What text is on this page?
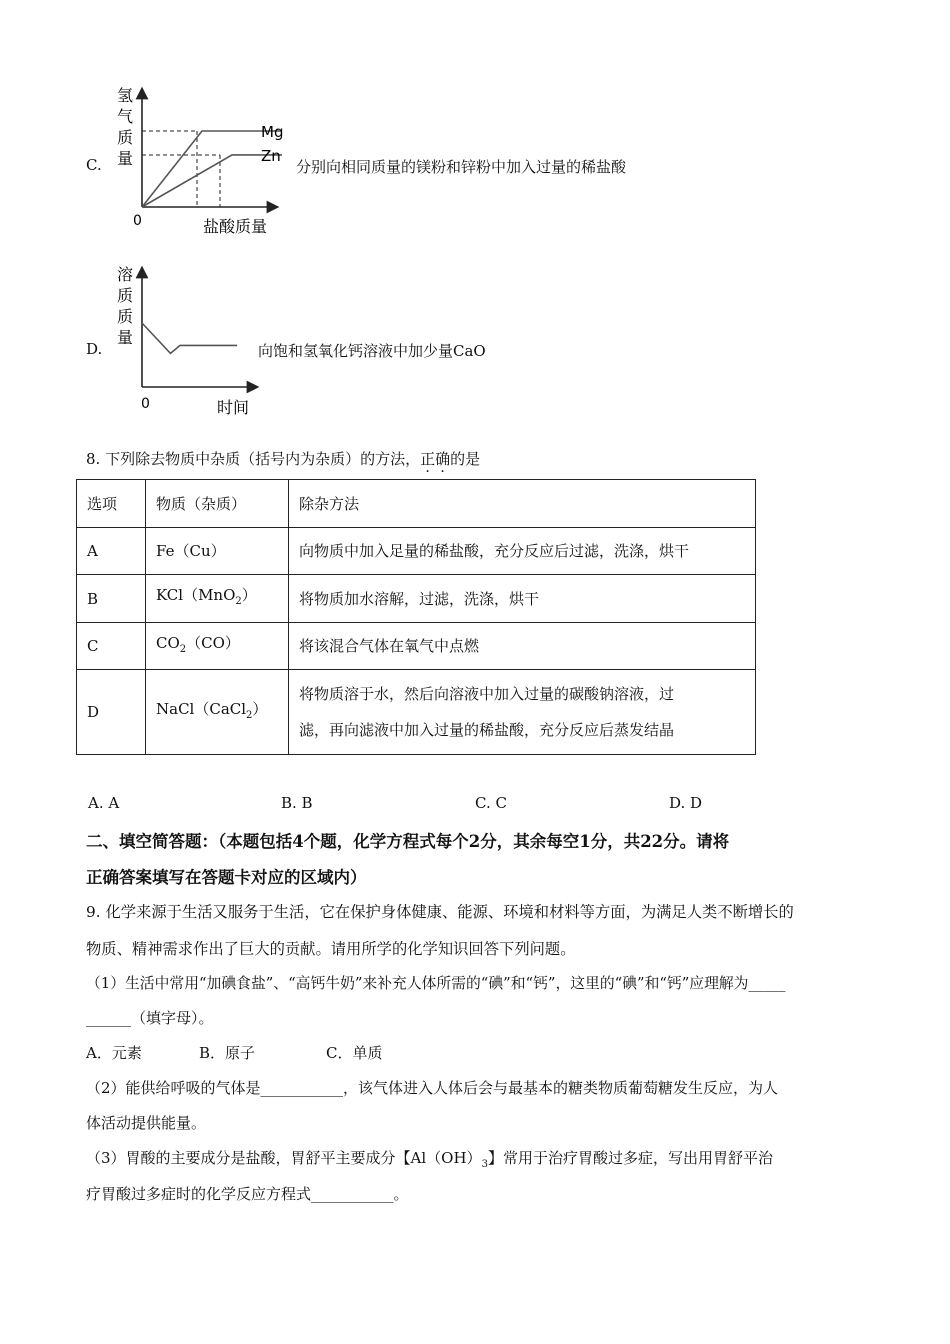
C.
氢
气
质
量
0	盐酸质量
Mg
Zn
分别向相同质量的镁粉和锌粉中加入过量的稀盐酸
D.
溶
质
质
量
0	时间
向饱和氢氧化钙溶液中加少量CaO
8. 下列除去物质中杂质（括号内为杂质）的方法，正确的是
选项	物质（杂质）	除杂方法
A	Fe（Cu）	向物质中加入足量的稀盐酸，充分反应后过滤，洗涤，烘干
B	KCl（MnO$_2$）	将物质加水溶解，过滤，洗涤，烘干
C	$CO_2(CO)$	将该混合气体在氧气中点燃
D	NaCl（CaCl$_2$）	将物质溶于水，然后向溶液中加入过量的碳酸钠溶液，过
滤，再向滤液中加入过量的稀盐酸，充分反应后蒸发结晶
A. A	B. B	C. C	D. D
二、填空简答题：（本题包括4个题，化学方程式每个2分，其余每空1分，共22分。请将
正确答案填写在答题卡对应的区域内）
9. 化学来源于生活又服务于生活，它在保护身体健康、能源、环境和材料等方面，为满足人类不断增长的
物质、精神需求作出了巨大的贡献。请用所学的化学知识回答下列问题。
（1）生活中常用“加碘食盐”、“高钙牛奶”来补充人体所需的“碘”和“钙”，这里的“碘”和“钙”应理解为_____
______（填字母）。
A．元素	B．原子	C．单质
（2）能供给呼吸的气体是___________，该气体进入人体后会与最基本的糖类物质葡萄糖发生反应，为人
体活动提供能量。
（3）胃酸的主要成分是盐酸，胃舒平主要成分【$Al(OH)_3$】常用于治疗胃酸过多症，写出用胃舒平治
疗胃酸过多症时的化学反应方程式___________。
